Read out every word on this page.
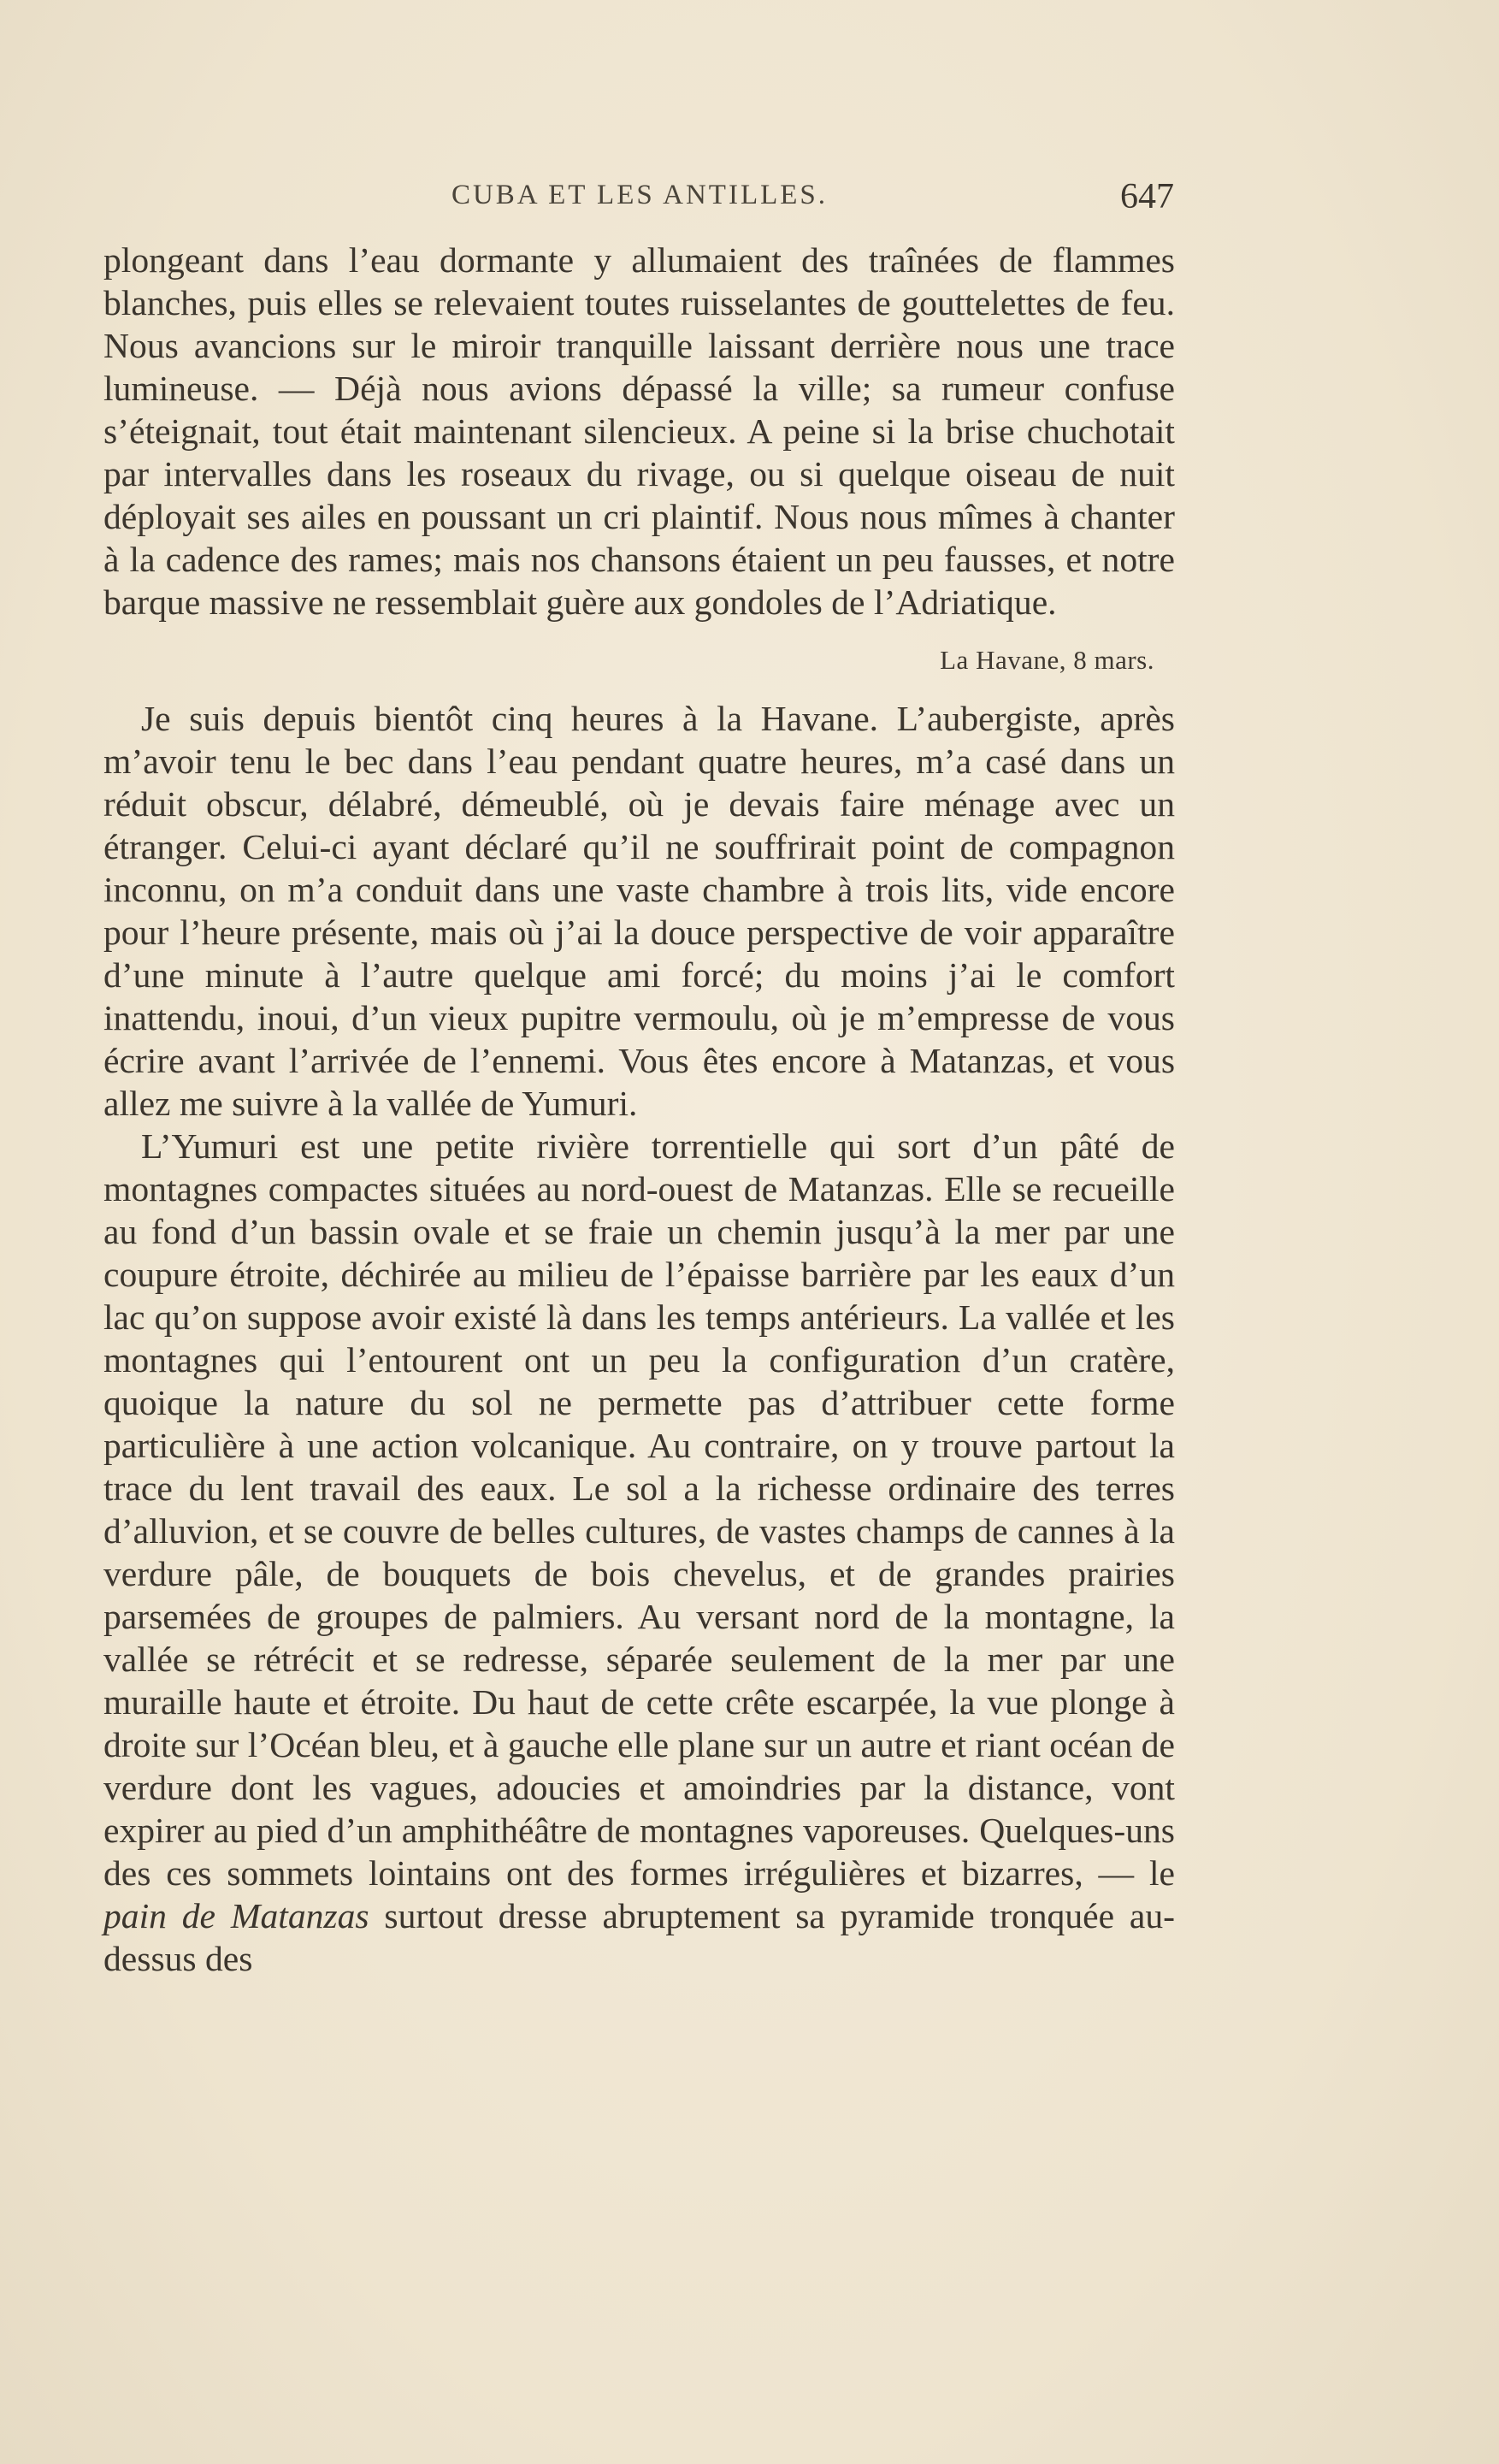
CUBA ET LES ANTILLES.	647

plongeant dans l’eau dormante y allumaient des traînées de flammes blanches, puis elles se relevaient toutes ruisselantes de gouttelettes de feu. Nous avancions sur le miroir tranquille laissant derrière nous une trace lumineuse. — Déjà nous avions dépassé la ville; sa rumeur confuse s’éteignait, tout était maintenant silencieux. A peine si la brise chuchotait par intervalles dans les roseaux du rivage, ou si quelque oiseau de nuit déployait ses ailes en poussant un cri plaintif. Nous nous mîmes à chanter à la cadence des rames; mais nos chansons étaient un peu fausses, et notre barque massive ne ressemblait guère aux gondoles de l’Adriatique.

La Havane, 8 mars.

Je suis depuis bientôt cinq heures à la Havane. L’aubergiste, après m’avoir tenu le bec dans l’eau pendant quatre heures, m’a casé dans un réduit obscur, délabré, démeublé, où je devais faire ménage avec un étranger. Celui-ci ayant déclaré qu’il ne souffrirait point de compagnon inconnu, on m’a conduit dans une vaste chambre à trois lits, vide encore pour l’heure présente, mais où j’ai la douce perspective de voir apparaître d’une minute à l’autre quelque ami forcé; du moins j’ai le comfort inattendu, inoui, d’un vieux pupitre vermoulu, où je m’empresse de vous écrire avant l’arrivée de l’ennemi. Vous êtes encore à Matanzas, et vous allez me suivre à la vallée de Yumuri.

L’Yumuri est une petite rivière torrentielle qui sort d’un pâté de montagnes compactes situées au nord-ouest de Matanzas. Elle se recueille au fond d’un bassin ovale et se fraie un chemin jusqu’à la mer par une coupure étroite, déchirée au milieu de l’épaisse barrière par les eaux d’un lac qu’on suppose avoir existé là dans les temps antérieurs. La vallée et les montagnes qui l’entourent ont un peu la configuration d’un cratère, quoique la nature du sol ne permette pas d’attribuer cette forme particulière à une action volcanique. Au contraire, on y trouve partout la trace du lent travail des eaux. Le sol a la richesse ordinaire des terres d’alluvion, et se couvre de belles cultures, de vastes champs de cannes à la verdure pâle, de bouquets de bois chevelus, et de grandes prairies parsemées de groupes de palmiers. Au versant nord de la montagne, la vallée se rétrécit et se redresse, séparée seulement de la mer par une muraille haute et étroite. Du haut de cette crête escarpée, la vue plonge à droite sur l’Océan bleu, et à gauche elle plane sur un autre et riant océan de verdure dont les vagues, adoucies et amoindries par la distance, vont expirer au pied d’un amphithéâtre de montagnes vaporeuses. Quelques-uns des ces sommets lointains ont des formes irrégulières et bizarres, — le pain de Matanzas surtout dresse abruptement sa pyramide tronquée au-dessus des
